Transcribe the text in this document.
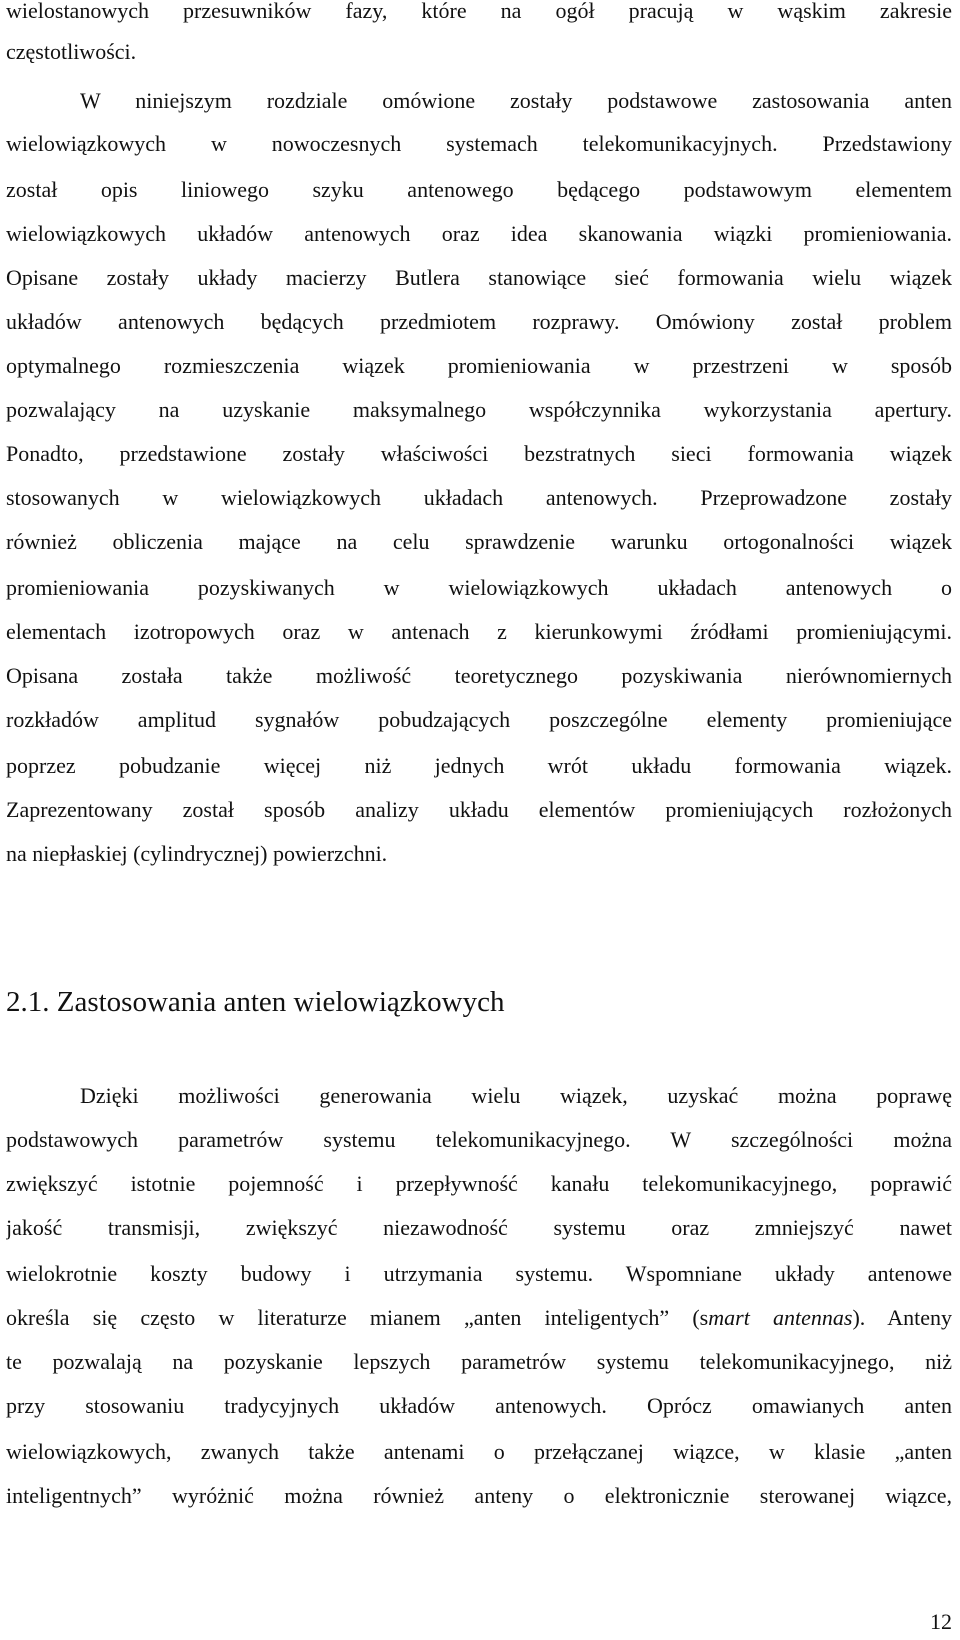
wielostanowych przesuwników fazy, które na ogół pracują w wąskim zakresie
częstotliwości.
W niniejszym rozdziale omówione zostały podstawowe zastosowania anten
wielowiązkowych w nowoczesnych systemach telekomunikacyjnych. Przedstawiony
został opis liniowego szyku antenowego będącego podstawowym elementem
wielowiązkowych układów antenowych oraz idea skanowania wiązki promieniowania.
Opisane zostały układy macierzy Butlera stanowiące sieć formowania wielu wiązek
układów antenowych będących przedmiotem rozprawy. Omówiony został problem
optymalnego rozmieszczenia wiązek promieniowania w przestrzeni w sposób
pozwalający na uzyskanie maksymalnego współczynnika wykorzystania apertury.
Ponadto, przedstawione zostały właściwości bezstratnych sieci formowania wiązek
stosowanych w wielowiązkowych układach antenowych. Przeprowadzone zostały
również obliczenia mające na celu sprawdzenie warunku ortogonalności wiązek
promieniowania pozyskiwanych w wielowiązkowych układach antenowych o
elementach izotropowych oraz w antenach z kierunkowymi źródłami promieniującymi.
Opisana została także możliwość teoretycznego pozyskiwania nierównomiernych
rozkładów amplitud sygnałów pobudzających poszczególne elementy promieniujące
poprzez pobudzanie więcej niż jednych wrót układu formowania wiązek.
Zaprezentowany został sposób analizy układu elementów promieniujących rozłożonych
na niepłaskiej (cylindrycznej) powierzchni.
2.1. Zastosowania anten wielowiązkowych
Dzięki możliwości generowania wielu wiązek, uzyskać można poprawę
podstawowych parametrów systemu telekomunikacyjnego. W szczególności można
zwiększyć istotnie pojemność i przepływność kanału telekomunikacyjnego, poprawić
jakość transmisji, zwiększyć niezawodność systemu oraz zmniejszyć nawet
wielokrotnie koszty budowy i utrzymania systemu. Wspomniane układy antenowe
określa się często w literaturze mianem „anten inteligentych” (smart antennas). Anteny
te pozwalają na pozyskanie lepszych parametrów systemu telekomunikacyjnego, niż
przy stosowaniu tradycyjnych układów antenowych. Oprócz omawianych anten
wielowiązkowych, zwanych także antenami o przełączanej wiązce, w klasie „anten
inteligentnych” wyróżnić można również anteny o elektronicznie sterowanej wiązce,
12
